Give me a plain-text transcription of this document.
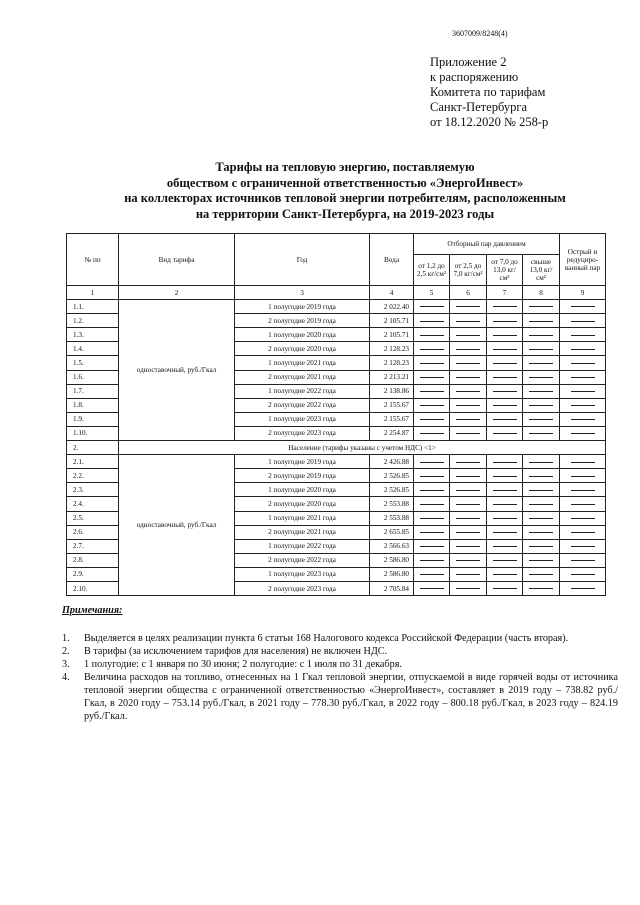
3607009/8248(4)
Приложение 2
к распоряжению
Комитета по тарифам
Санкт-Петербурга
от 18.12.2020 № 258-р
Тарифы на тепловую энергию, поставляемую
обществом с ограниченной ответственностью «ЭнергоИнвест»
на коллекторах источников тепловой энергии потребителям, расположенным
на территории Санкт-Петербурга, на 2019-2023 годы
№ пп	Вид тарифа	Год	Вода	Отборный пар давлением				Острый и редуциро-ванный пар
				от 1,2 до 2,5 кг/см²	от 2,5 до 7,0 кг/см²	от 7,0 до 13,0 кг/см²	свыше 13,0 кг/см²	
1	2	3	4	5	6	7	8	9
1.1.	одноставочный, руб./Гкал	1 полугодие 2019 года	2 022.40					
1.2.		2 полугодие 2019 года	2 105.71					
1.3.		1 полугодие 2020 года	2 105.71					
1.4.		2 полугодие 2020 года	2 128.23					
1.5.		1 полугодие 2021 года	2 128.23					
1.6.		2 полугодие 2021 года	2 213.21					
1.7.		1 полугодие 2022 года	2 138.86					
1.8.		2 полугодие 2022 года	2 155.67					
1.9.		1 полугодие 2023 года	2 155.67					
1.10.		2 полугодие 2023 года	2 254.87					
2.	Население (тарифы указаны с учетом НДС) <1>							
2.1.	одноставочный, руб./Гкал	1 полугодие 2019 года	2 426.88					
2.2.		2 полугодие 2019 года	2 526.85					
2.3.		1 полугодие 2020 года	2 526.85					
2.4.		2 полугодие 2020 года	2 553.88					
2.5.		1 полугодие 2021 года	2 553.88					
2.6.		2 полугодие 2021 года	2 655.85					
2.7.		1 полугодие 2022 года	2 566.63					
2.8.		2 полугодие 2022 года	2 586.80					
2.9.		1 полугодие 2023 года	2 586.80					
2.10.		2 полугодие 2023 года	2 705.84					
Примечания:
1.	Выделяется в целях реализации пункта 6 статьи 168 Налогового кодекса Российской Федерации (часть вторая).
2.	В тарифы (за исключением тарифов для населения) не включен НДС.
3.	1 полугодие: с 1 января по 30 июня; 2 полугодие: с 1 июля по 31 декабря.
4.	Величина расходов на топливо, отнесенных на 1 Гкал тепловой энергии, отпускаемой в виде горячей воды от источника тепловой энергии общества с ограниченной ответственностью «ЭнергоИнвест», составляет в 2019 году – 738.82 руб./Гкал, в 2020 году – 753.14 руб./Гкал, в 2021 году – 778.30 руб./Гкал, в 2022 году – 800.18 руб./Гкал, в 2023 году – 824.19 руб./Гкал.
